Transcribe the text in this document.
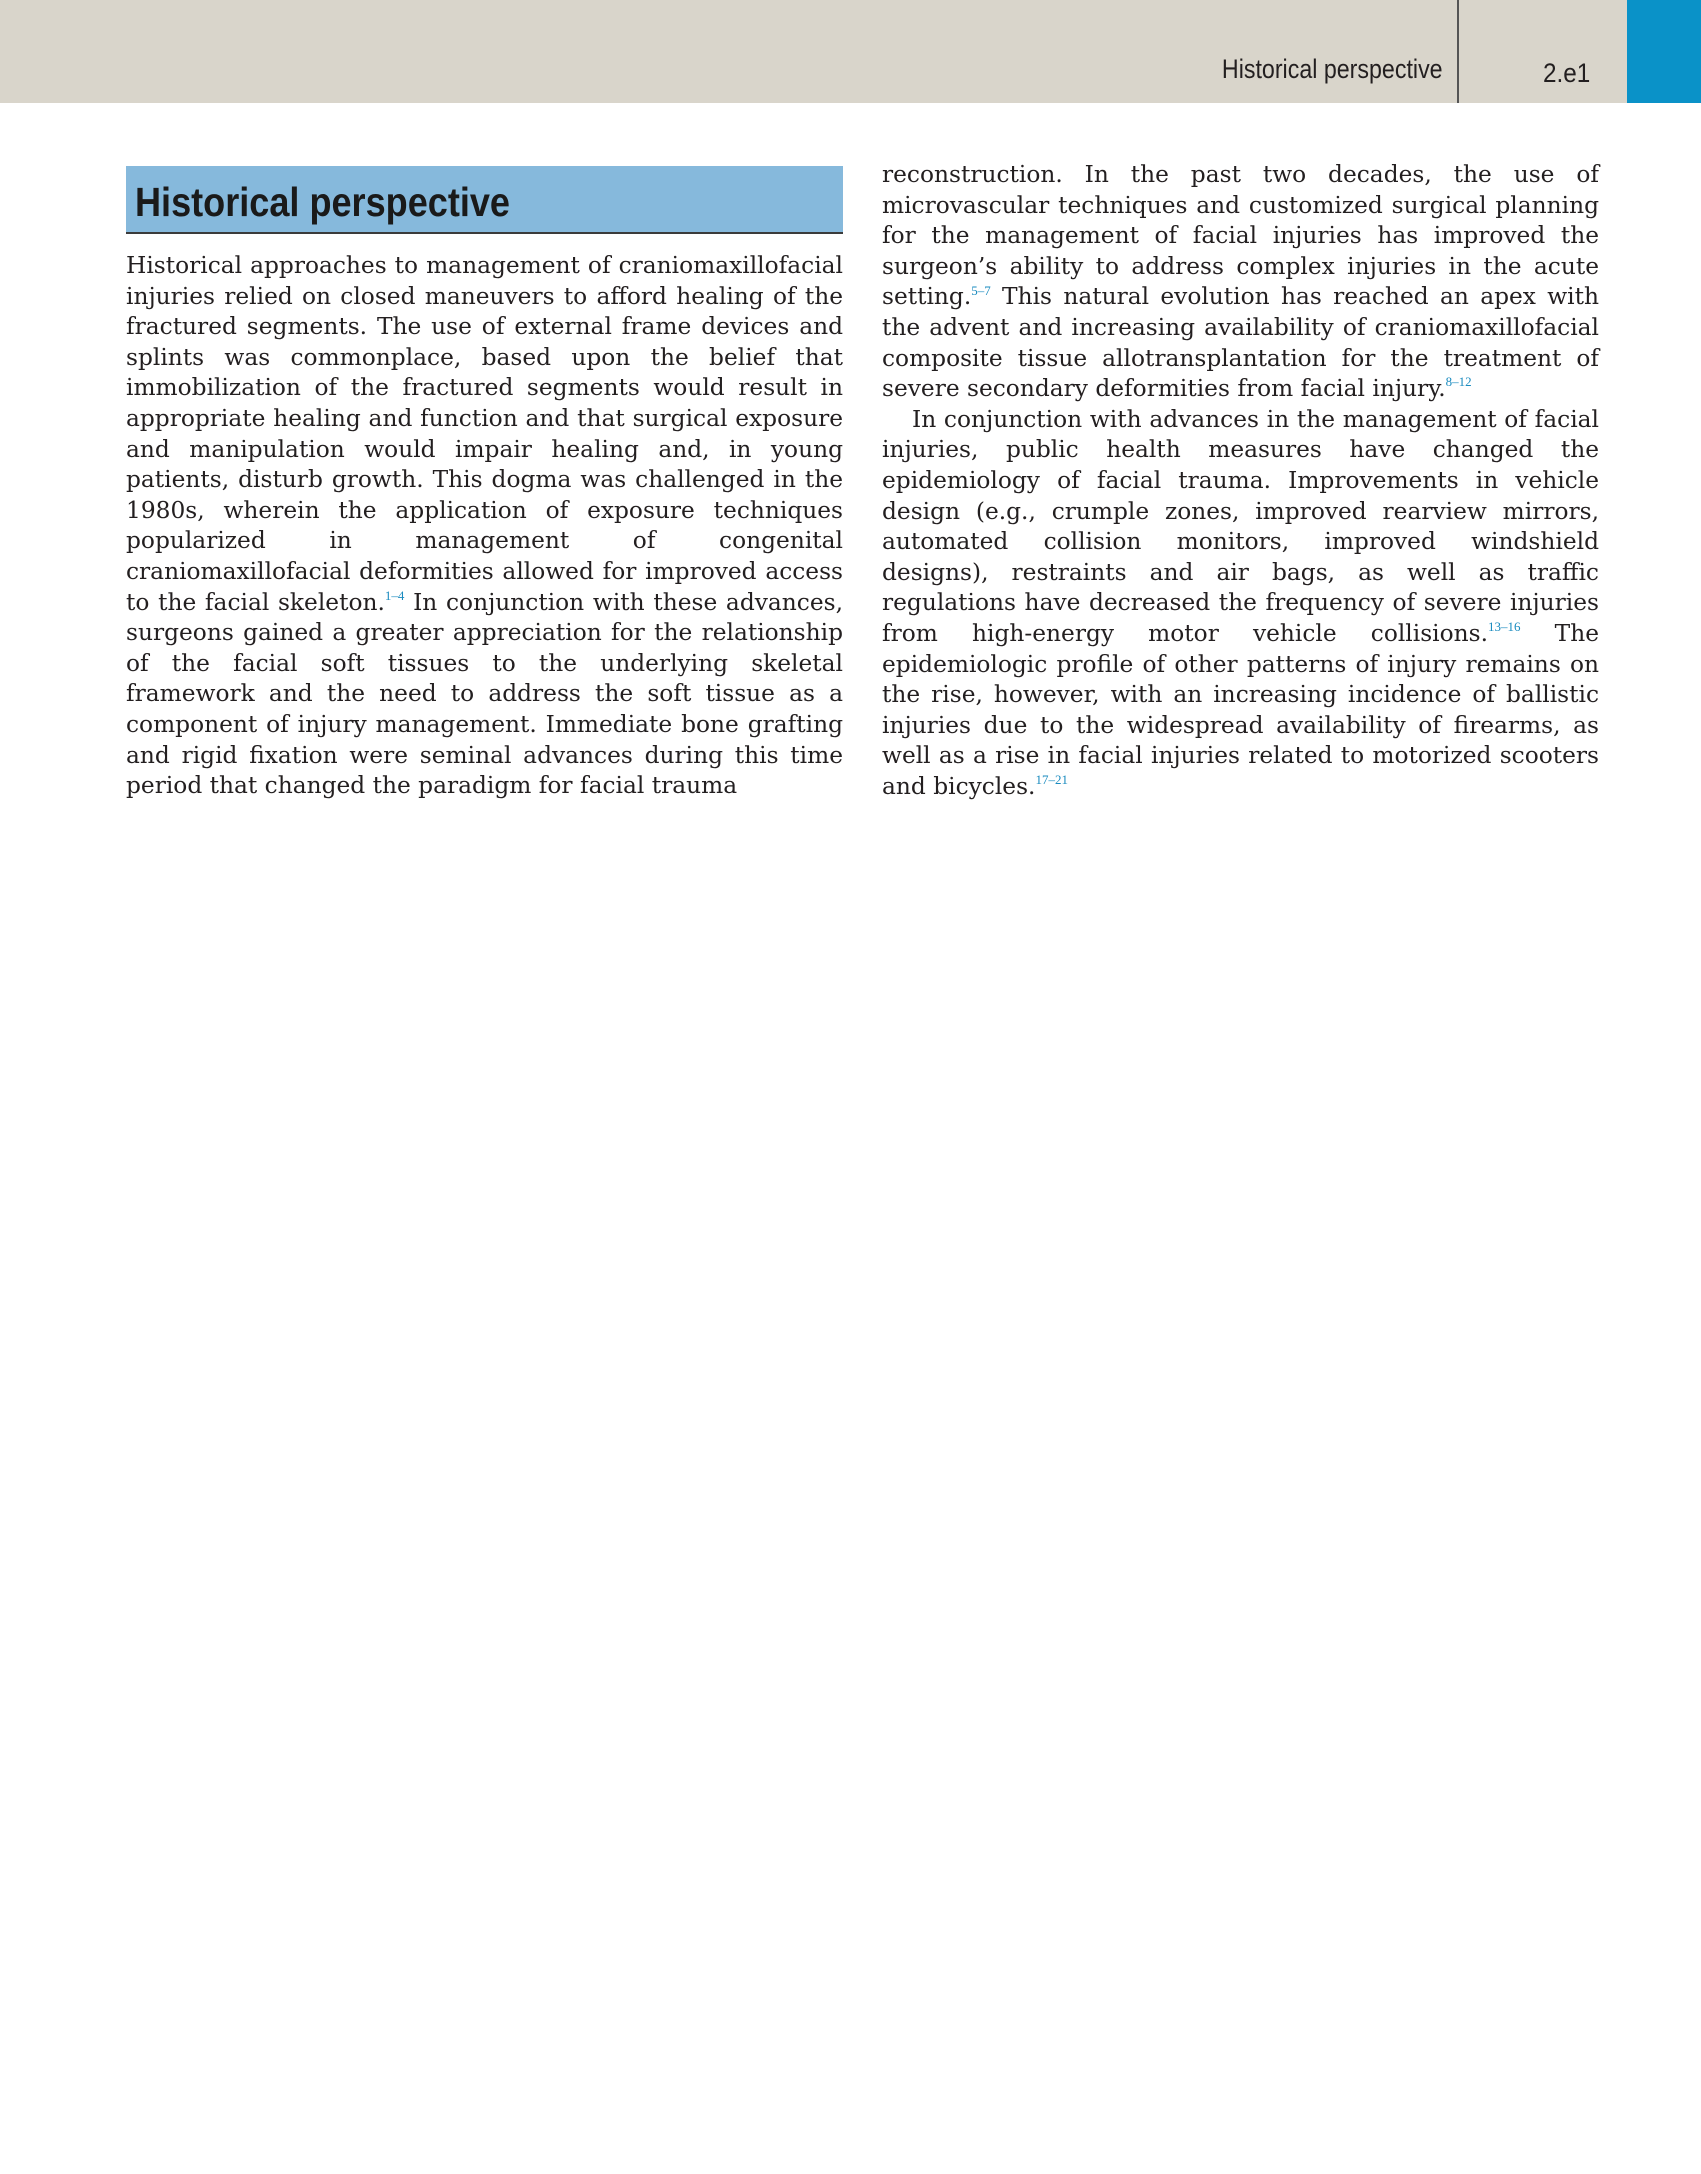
Historical perspective	2.e1
Historical perspective

Historical approaches to management of craniomaxillofacial injuries relied on closed maneuvers to afford healing of the fractured segments. The use of external frame devices and splints was commonplace, based upon the belief that immobilization of the fractured segments would result in appropriate healing and function and that surgical exposure and manipulation would impair healing and, in young patients, disturb growth. This dogma was challenged in the 1980s, wherein the application of exposure techniques popularized in management of congenital craniomaxillofacial deformities allowed for improved access to the facial skeleton.$^{1-4}$ In conjunction with these advances, surgeons gained a greater appreciation for the relationship of the facial soft tissues to the underlying skeletal framework and the need to address the soft tissue as a component of injury management. Immediate bone grafting and rigid fixation were seminal advances during this time period that changed the paradigm for facial trauma

reconstruction. In the past two decades, the use of microvascular techniques and customized surgical planning for the management of facial injuries has improved the surgeon’s ability to address complex injuries in the acute setting.$^{5-7}$ This natural evolution has reached an apex with the advent and increasing availability of craniomaxillofacial composite tissue allotransplantation for the treatment of severe secondary deformities from facial injury.$^{8-12}$

In conjunction with advances in the management of facial injuries, public health measures have changed the epidemiology of facial trauma. Improvements in vehicle design (e.g., crumple zones, improved rearview mirrors, automated collision monitors, improved windshield designs), restraints and air bags, as well as traffic regulations have decreased the frequency of severe injuries from high-energy motor vehicle collisions.$^{13-16}$ The epidemiologic profile of other patterns of injury remains on the rise, however, with an increasing incidence of ballistic injuries due to the widespread availability of firearms, as well as a rise in facial injuries related to motorized scooters and bicycles.$^{17-21}$
